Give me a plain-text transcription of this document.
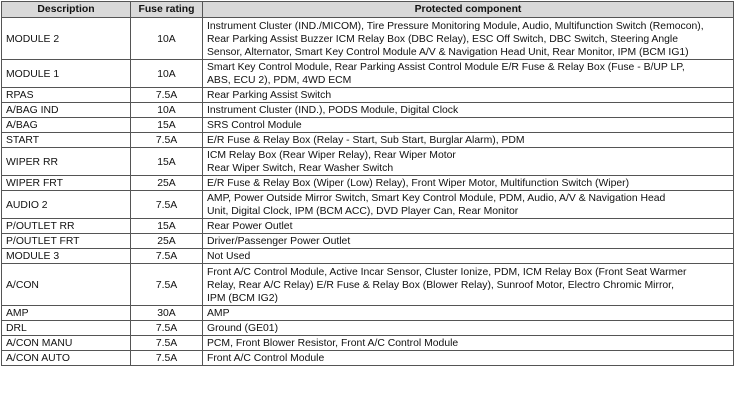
Description	Fuse rating	Protected component
MODULE 2	10A	Instrument Cluster (IND./MICOM), Tire Pressure Monitoring Module, Audio, Multifunction Switch (Remocon),
Rear Parking Assist Buzzer ICM Relay Box (DBC Relay), ESC Off Switch, DBC Switch, Steering Angle
Sensor, Alternator, Smart Key Control Module A/V & Navigation Head Unit, Rear Monitor, IPM (BCM IG1)
MODULE 1	10A	Smart Key Control Module, Rear Parking Assist Control Module E/R Fuse & Relay Box (Fuse - B/UP LP,
ABS, ECU 2), PDM, 4WD ECM
RPAS	7.5A	Rear Parking Assist Switch
A/BAG IND	10A	Instrument Cluster (IND.), PODS Module, Digital Clock
A/BAG	15A	SRS Control Module
START	7.5A	E/R Fuse & Relay Box (Relay - Start, Sub Start, Burglar Alarm), PDM
WIPER RR	15A	ICM Relay Box (Rear Wiper Relay), Rear Wiper Motor
Rear Wiper Switch, Rear Washer Switch
WIPER FRT	25A	E/R Fuse & Relay Box (Wiper (Low) Relay), Front Wiper Motor, Multifunction Switch (Wiper)
AUDIO 2	7.5A	AMP, Power Outside Mirror Switch, Smart Key Control Module, PDM, Audio, A/V & Navigation Head
Unit, Digital Clock, IPM (BCM ACC), DVD Player Can, Rear Monitor
P/OUTLET RR	15A	Rear Power Outlet
P/OUTLET FRT	25A	Driver/Passenger Power Outlet
MODULE 3	7.5A	Not Used
A/CON	7.5A	Front A/C Control Module, Active Incar Sensor, Cluster Ionize, PDM, ICM Relay Box (Front Seat Warmer
Relay, Rear A/C Relay) E/R Fuse & Relay Box (Blower Relay), Sunroof Motor, Electro Chromic Mirror,
IPM (BCM IG2)
AMP	30A	AMP
DRL	7.5A	Ground (GE01)
A/CON MANU	7.5A	PCM, Front Blower Resistor, Front A/C Control Module
A/CON AUTO	7.5A	Front A/C Control Module
